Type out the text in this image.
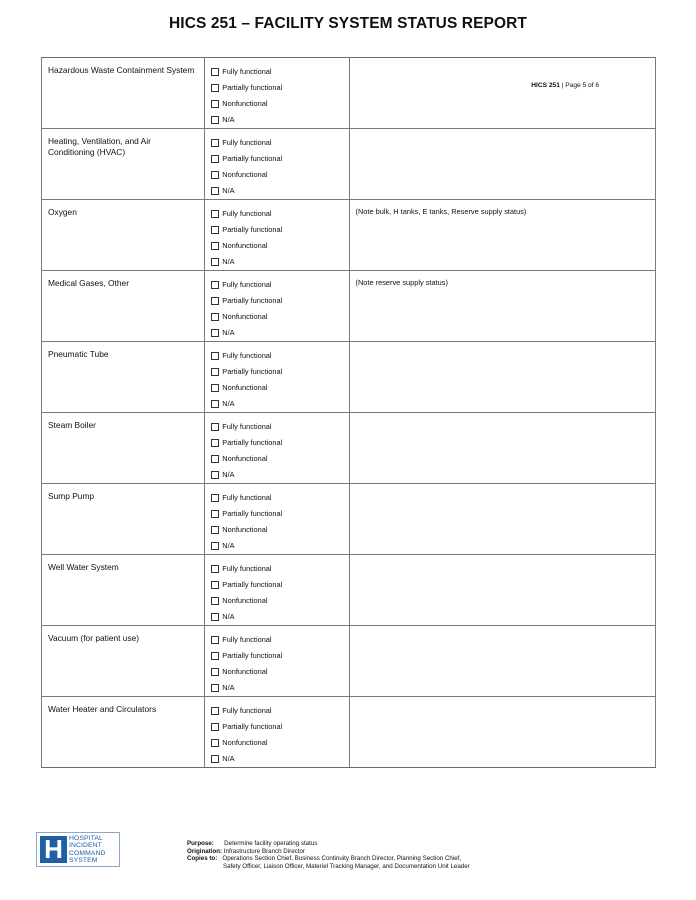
HICS 251 – FACILITY SYSTEM STATUS REPORT
Hazardous Waste Containment System	Fully functional
Partially functional
Nonfunctional
N/A	HICS 251 | Page 5 of 6

Heating, Ventilation, and Air Conditioning (HVAC)	Fully functional
Partially functional
Nonfunctional
N/A	

Oxygen	Fully functional
Partially functional
Nonfunctional
N/A	(Note bulk, H tanks, E tanks, Reserve supply status)

Medical Gases, Other	Fully functional
Partially functional
Nonfunctional
N/A	(Note reserve supply status)

Pneumatic Tube	Fully functional
Partially functional
Nonfunctional
N/A	

Steam Boiler	Fully functional
Partially functional
Nonfunctional
N/A	

Sump Pump	Fully functional
Partially functional
Nonfunctional
N/A	

Well Water System	Fully functional
Partially functional
Nonfunctional
N/A	

Vacuum (for patient use)	Fully functional
Partially functional
Nonfunctional
N/A	

Water Heater and Circulators	Fully functional
Partially functional
Nonfunctional
N/A	

H HOSPITAL
INCIDENT
COMMAND
SYSTEM
Purpose: Determine facility operating status
Origination: Infrastructure Branch Director
Copies to: Operations Section Chief, Business Continuity Branch Director, Planning Section Chief,
Safety Officer, Liaison Officer, Materiel Tracking Manager, and Documentation Unit Leader
